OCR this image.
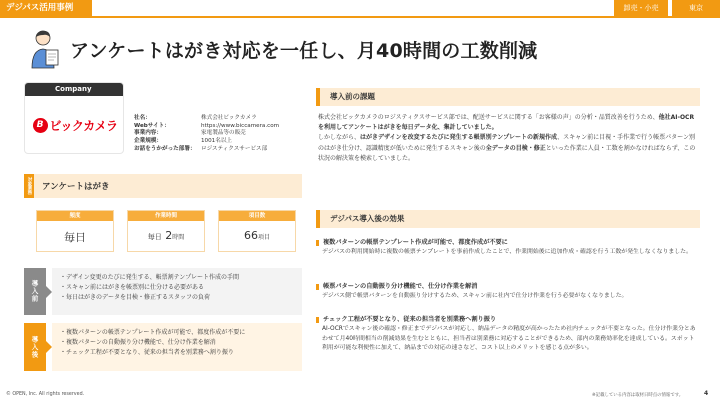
デジパス活用事例	卸売・小売	東京
アンケートはがき対応を一任し、月40時間の工数削減
Company
B ビックカメラ
社名：	株式会社ビックカメラ
Webサイト：	https://www.biccamera.com
事業内容：	家電製品等の販売
企業規模：	1001名以上
お話をうかがった部署： ロジスティクスサービス部
対象業務 アンケートはがき
頻度
毎日
作業時間
毎日 2時間
項目数
66項目
導入前
・ デザイン変更のたびに発生する、帳票割テンプレート作成の手間
・ スキャン前にはがきを帳票別に仕分ける必要がある
・ 毎日はがきのデータを目検・修正するスタッフの負荷
導入後
・ 複数パターンの帳票テンプレート作成が可能で、都度作成が不要に
・ 複数パターンの自動振り分け機能で、仕分け作業を解消
・ チェック工程が不要となり、従来の担当者を別業務へ割り振り
導入前の課題
株式会社ビックカメラのロジスティクスサービス部では、配送サービスに関する「お客様の声」の分析・品質改善を行うため、他社AI-OCRを利用してアンケートはがきを毎日データ化、集計していました。
しかしながら、はがきデザインを改変するたびに発生する帳票別テンプレートの新規作成、スキャン前に目視・手作業で行う帳票パターン別のはがき仕分け、認識精度が低いために発生するスキャン後の全データの目検・修正といった作業に人員・工数を割かなければならず、この状況の解決策を模索していました。
デジパス導入後の効果
複数パターンの帳票テンプレート作成が可能で、都度作成が不要に
デジパスの利用開始時に複数の帳票テンプレートを事前作成したことで、作業開始後に追加作成・確認を行う工数が発生しなくなりました。
帳票パターンの自動振り分け機能で、仕分け作業を解消
デジパス側で帳票パターンを自動振り分けするため、スキャン前に社内で仕分け作業を行う必要がなくなりました。
チェック工程が不要となり、従来の担当者を別業務へ割り振り
AI-OCRでスキャン後の確認・修正までデジパスが対応し、納品データの精度が高かったため社内チェックが不要となった。仕分け作業分とあわせて月40時間相当の削減効果を生むとともに、担当者は別業務に対応することができるため、部内の業務効率化を達成している。スポット利用が可能な利便性に加えて、納品までの対応の速さなど、コスト以上のメリットを感じる点が多い。
© OPEN, Inc. All rights reserved.	※記載している内容は取材日時点の情報です。	4
